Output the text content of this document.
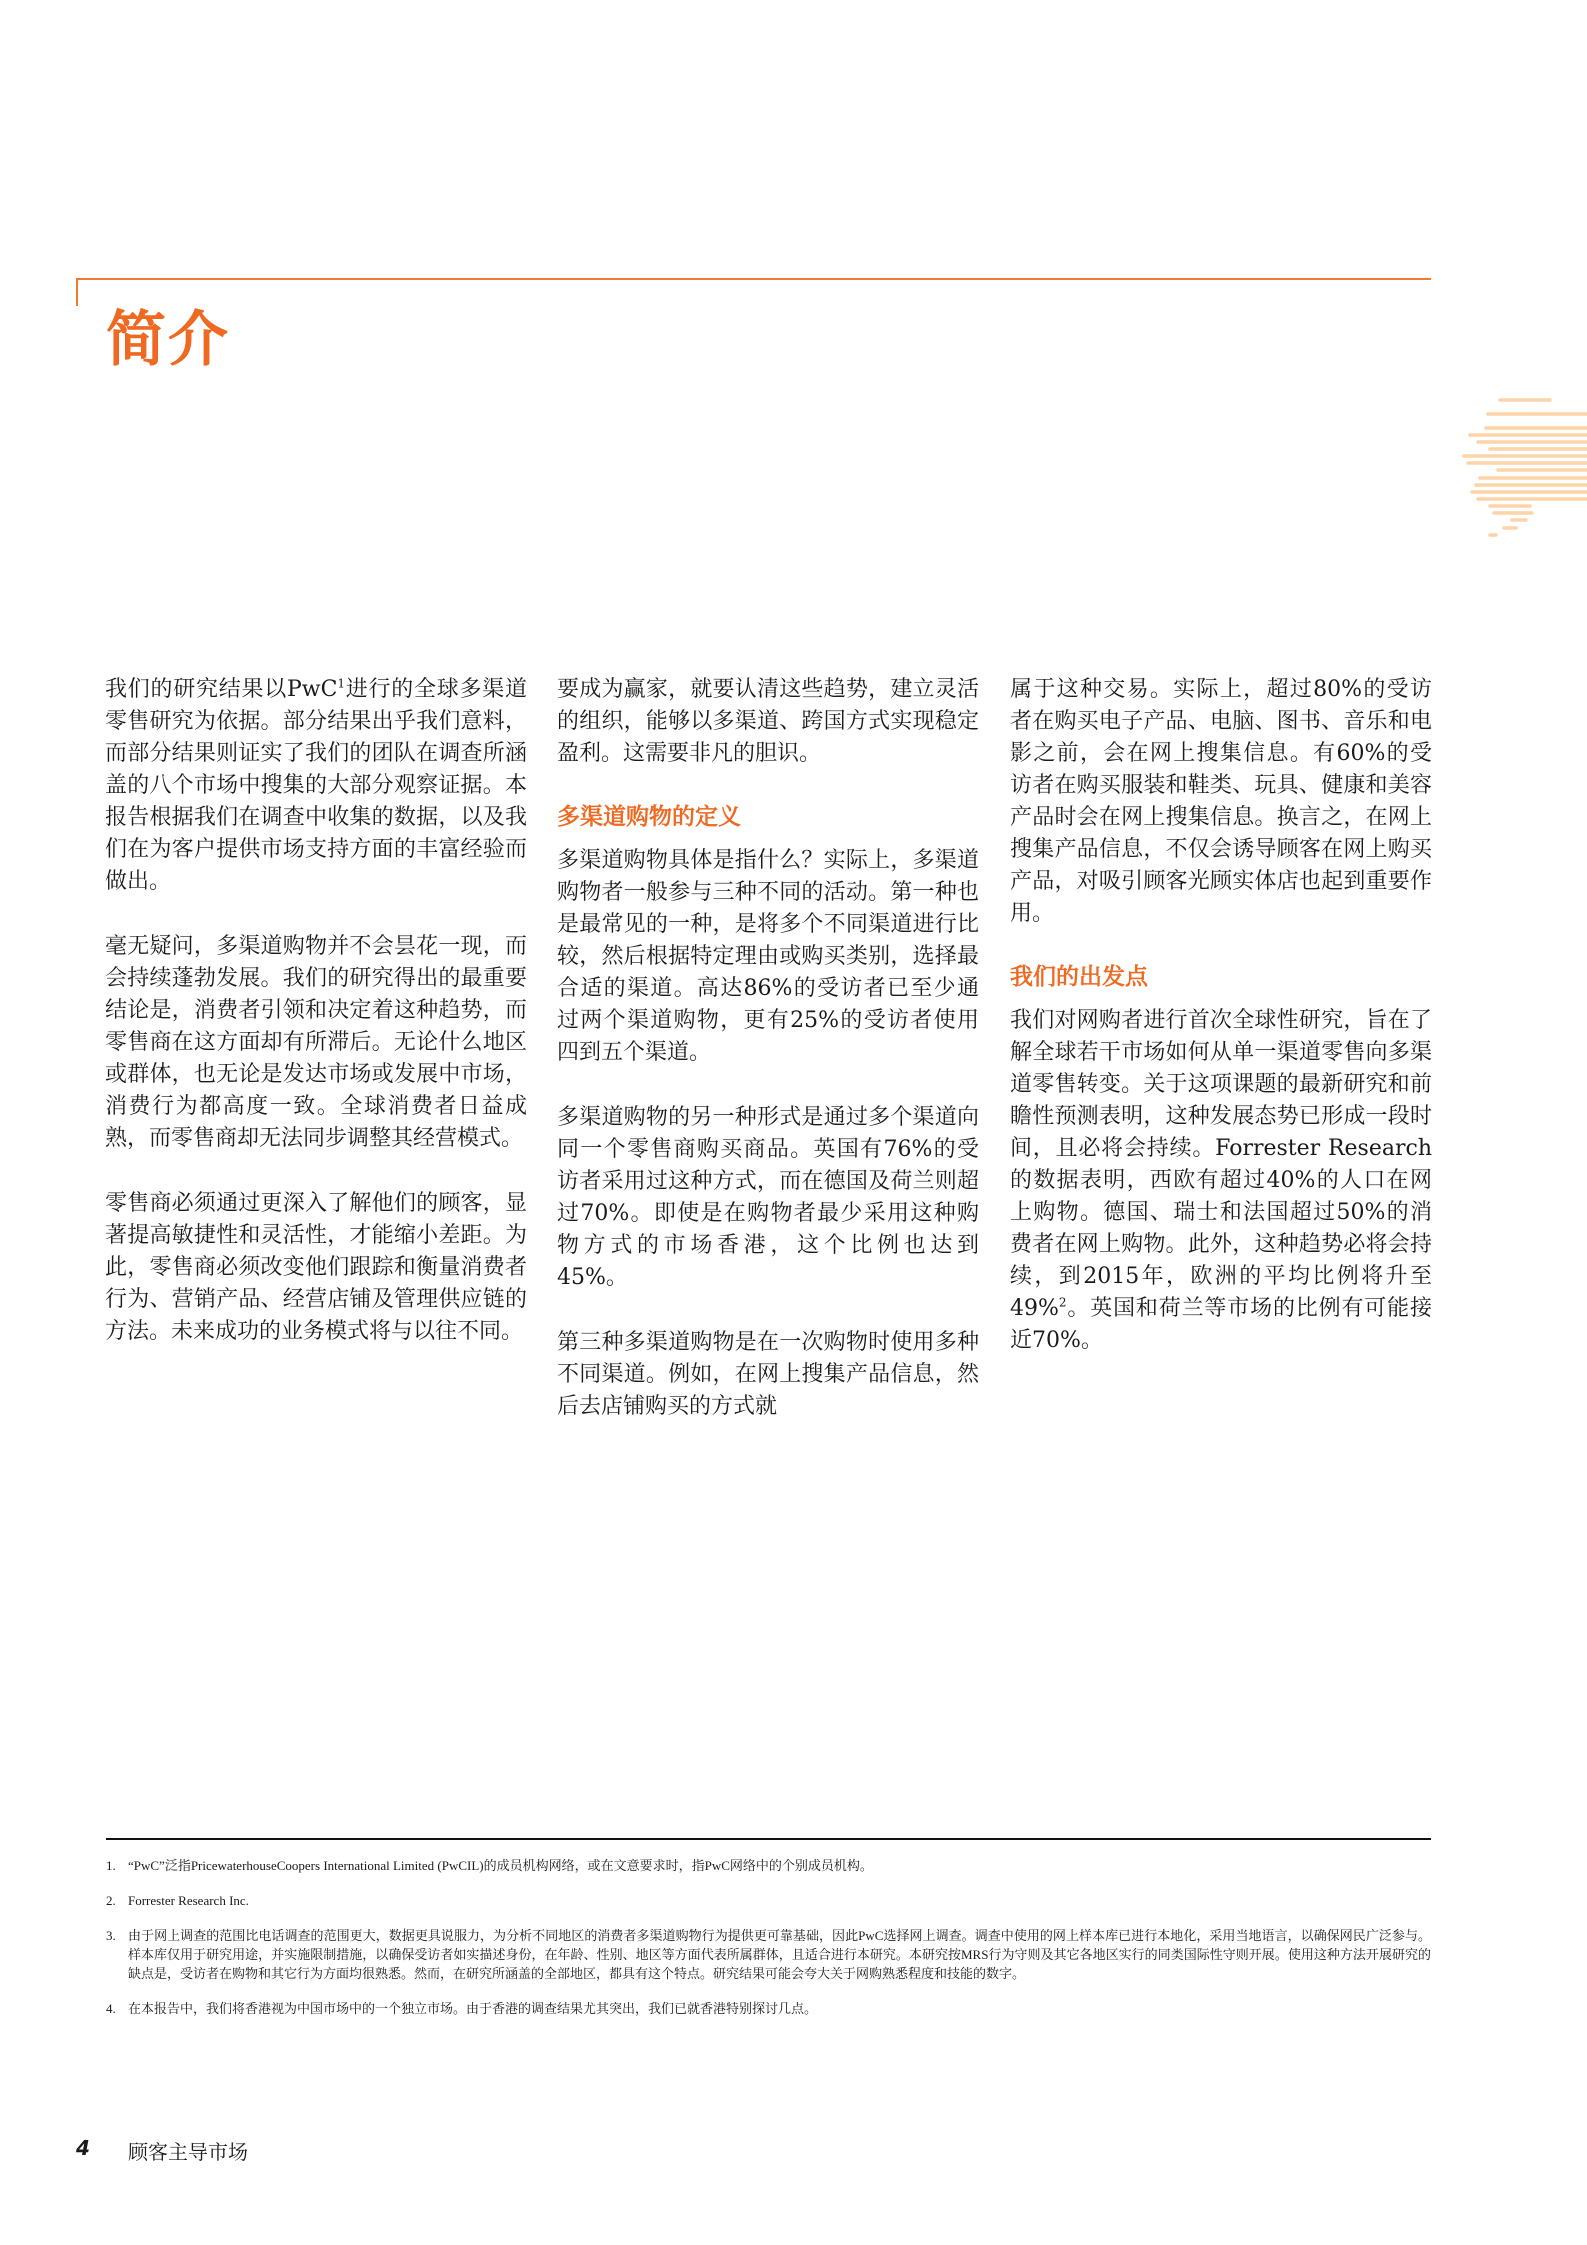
简介

我们的研究结果以PwC$^1$进行的全球多渠道零售研究为依据。部分结果出乎我们意料，而部分结果则证实了我们的团队在调查所涵盖的八个市场中搜集的大部分观察证据。本报告根据我们在调查中收集的数据，以及我们在为客户提供市场支持方面的丰富经验而做出。

毫无疑问，多渠道购物并不会昙花一现，而会持续蓬勃发展。我们的研究得出的最重要结论是，消费者引领和决定着这种趋势，而零售商在这方面却有所滞后。无论什么地区或群体，也无论是发达市场或发展中市场，消费行为都高度一致。全球消费者日益成熟，而零售商却无法同步调整其经营模式。

零售商必须通过更深入了解他们的顾客，显著提高敏捷性和灵活性，才能缩小差距。为此，零售商必须改变他们跟踪和衡量消费者行为、营销产品、经营店铺及管理供应链的方法。未来成功的业务模式将与以往不同。

要成为赢家，就要认清这些趋势，建立灵活的组织，能够以多渠道、跨国方式实现稳定盈利。这需要非凡的胆识。

多渠道购物的定义

多渠道购物具体是指什么？实际上，多渠道购物者一般参与三种不同的活动。第一种也是最常见的一种，是将多个不同渠道进行比较，然后根据特定理由或购买类别，选择最合适的渠道。高达86%的受访者已至少通过两个渠道购物，更有25%的受访者使用四到五个渠道。

多渠道购物的另一种形式是通过多个渠道向同一个零售商购买商品。英国有76%的受访者采用过这种方式，而在德国及荷兰则超过70%。即使是在购物者最少采用这种购物方式的市场香港，这个比例也达到45%。

第三种多渠道购物是在一次购物时使用多种不同渠道。例如，在网上搜集产品信息，然后去店铺购买的方式就

属于这种交易。实际上，超过80%的受访者在购买电子产品、电脑、图书、音乐和电影之前，会在网上搜集信息。有60%的受访者在购买服装和鞋类、玩具、健康和美容产品时会在网上搜集信息。换言之，在网上搜集产品信息，不仅会诱导顾客在网上购买产品，对吸引顾客光顾实体店也起到重要作用。

我们的出发点

我们对网购者进行首次全球性研究，旨在了解全球若干市场如何从单一渠道零售向多渠道零售转变。关于这项课题的最新研究和前瞻性预测表明，这种发展态势已形成一段时间，且必将会持续。Forrester Research的数据表明，西欧有超过40%的人口在网上购物。德国、瑞士和法国超过50%的消费者在网上购物。此外，这种趋势必将会持续，到2015年，欧洲的平均比例将升至49%$^2$。英国和荷兰等市场的比例有可能接近70%。

1. “PwC”泛指PricewaterhouseCoopers International Limited (PwCIL)的成员机构网络，或在文意要求时，指PwC网络中的个别成员机构。
2. Forrester Research Inc.
3. 由于网上调查的范围比电话调查的范围更大，数据更具说服力，为分析不同地区的消费者多渠道购物行为提供更可靠基础，因此PwC选择网上调查。调查中使用的网上样本库已进行本地化，采用当地语言，以确保网民广泛参与。样本库仅用于研究用途，并实施限制措施，以确保受访者如实描述身份，在年龄、性别、地区等方面代表所属群体，且适合进行本研究。本研究按MRS行为守则及其它各地区实行的同类国际性守则开展。使用这种方法开展研究的缺点是，受访者在购物和其它行为方面均很熟悉。然而，在研究所涵盖的全部地区，都具有这个特点。研究结果可能会夸大关于网购熟悉程度和技能的数字。
4. 在本报告中，我们将香港视为中国市场中的一个独立市场。由于香港的调查结果尤其突出，我们已就香港特别探讨几点。
4 顾客主导市场
